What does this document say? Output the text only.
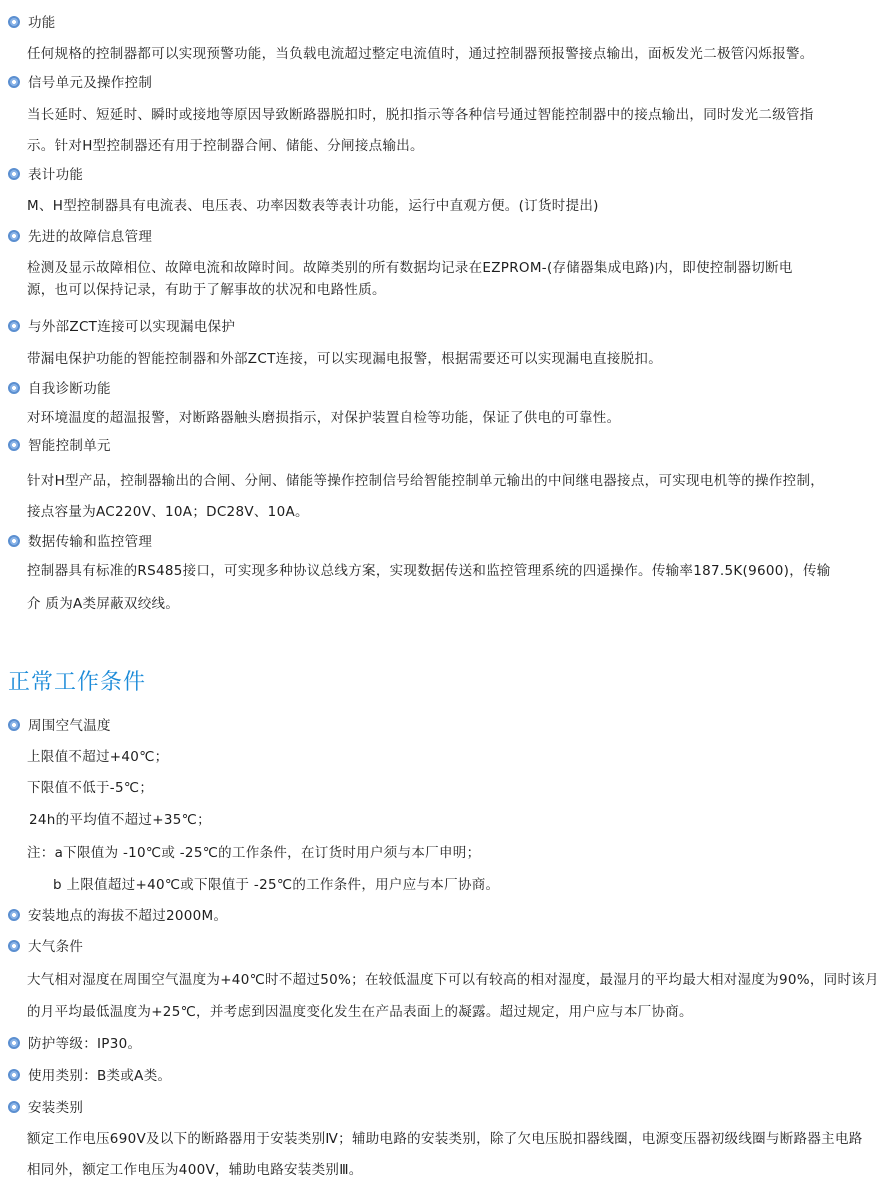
功能
任何规格的控制器都可以实现预警功能，当负载电流超过整定电流值时，通过控制器预报警接点输出，面板发光二极管闪烁报警。
信号单元及操作控制
当长延时、短延时、瞬时或接地等原因导致断路器脱扣时，脱扣指示等各种信号通过智能控制器中的接点输出，同时发光二级管指
示。针对H型控制器还有用于控制器合闸、储能、分闸接点输出。
表计功能
M、H型控制器具有电流表、电压表、功率因数表等表计功能，运行中直观方便。(订货时提出)
先进的故障信息管理
检测及显示故障相位、故障电流和故障时间。故障类别的所有数据均记录在EZPROM-(存储器集成电路)内，即使控制器切断电
源，也可以保持记录，有助于了解事故的状况和电路性质。
与外部ZCT连接可以实现漏电保护
带漏电保护功能的智能控制器和外部ZCT连接，可以实现漏电报警，根据需要还可以实现漏电直接脱扣。
自我诊断功能
对环境温度的超温报警，对断路器触头磨损指示，对保护装置自检等功能，保证了供电的可靠性。
智能控制单元
针对H型产品，控制器输出的合闸、分闸、储能等操作控制信号给智能控制单元输出的中间继电器接点，可实现电机等的操作控制，
接点容量为AC220V、10A；DC28V、10A。
数据传输和监控管理
控制器具有标准的RS485接口，可实现多种协议总线方案，实现数据传送和监控管理系统的四遥操作。传输率187.5K(9600)，传输
介 质为A类屏蔽双绞线。
正常工作条件
周围空气温度
上限值不超过+40℃；
下限值不低于-5℃；
24h的平均值不超过+35℃；
注：a下限值为 -10℃或 -25℃的工作条件，在订货时用户须与本厂申明；
b 上限值超过+40℃或下限值于 -25℃的工作条件，用户应与本厂协商。
安装地点的海拔不超过2000M。
大气条件
大气相对湿度在周围空气温度为+40℃时不超过50%；在较低温度下可以有较高的相对湿度，最湿月的平均最大相对湿度为90%，同时该月
的月平均最低温度为+25℃，并考虑到因温度变化发生在产品表面上的凝露。超过规定，用户应与本厂协商。
防护等级：IP30。
使用类别：B类或A类。
安装类别
额定工作电压690V及以下的断路器用于安装类别Ⅳ；辅助电路的安装类别，除了欠电压脱扣器线圈，电源变压器初级线圈与断路器主电路
相同外，额定工作电压为400V，辅助电路安装类别Ⅲ。
